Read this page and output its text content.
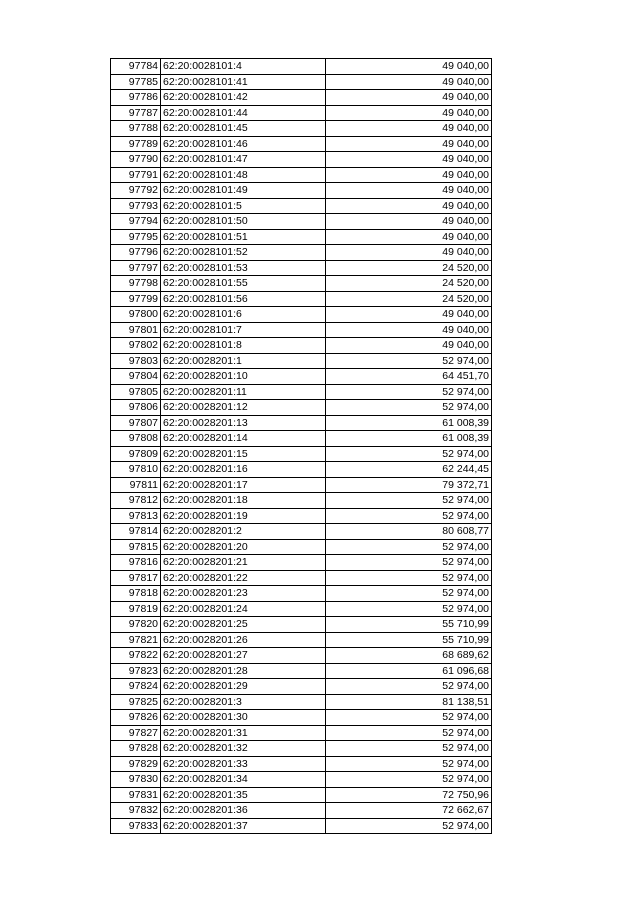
97784	62:20:0028101:4	49 040,00
97785	62:20:0028101:41	49 040,00
97786	62:20:0028101:42	49 040,00
97787	62:20:0028101:44	49 040,00
97788	62:20:0028101:45	49 040,00
97789	62:20:0028101:46	49 040,00
97790	62:20:0028101:47	49 040,00
97791	62:20:0028101:48	49 040,00
97792	62:20:0028101:49	49 040,00
97793	62:20:0028101:5	49 040,00
97794	62:20:0028101:50	49 040,00
97795	62:20:0028101:51	49 040,00
97796	62:20:0028101:52	49 040,00
97797	62:20:0028101:53	24 520,00
97798	62:20:0028101:55	24 520,00
97799	62:20:0028101:56	24 520,00
97800	62:20:0028101:6	49 040,00
97801	62:20:0028101:7	49 040,00
97802	62:20:0028101:8	49 040,00
97803	62:20:0028201:1	52 974,00
97804	62:20:0028201:10	64 451,70
97805	62:20:0028201:11	52 974,00
97806	62:20:0028201:12	52 974,00
97807	62:20:0028201:13	61 008,39
97808	62:20:0028201:14	61 008,39
97809	62:20:0028201:15	52 974,00
97810	62:20:0028201:16	62 244,45
97811	62:20:0028201:17	79 372,71
97812	62:20:0028201:18	52 974,00
97813	62:20:0028201:19	52 974,00
97814	62:20:0028201:2	80 608,77
97815	62:20:0028201:20	52 974,00
97816	62:20:0028201:21	52 974,00
97817	62:20:0028201:22	52 974,00
97818	62:20:0028201:23	52 974,00
97819	62:20:0028201:24	52 974,00
97820	62:20:0028201:25	55 710,99
97821	62:20:0028201:26	55 710,99
97822	62:20:0028201:27	68 689,62
97823	62:20:0028201:28	61 096,68
97824	62:20:0028201:29	52 974,00
97825	62:20:0028201:3	81 138,51
97826	62:20:0028201:30	52 974,00
97827	62:20:0028201:31	52 974,00
97828	62:20:0028201:32	52 974,00
97829	62:20:0028201:33	52 974,00
97830	62:20:0028201:34	52 974,00
97831	62:20:0028201:35	72 750,96
97832	62:20:0028201:36	72 662,67
97833	62:20:0028201:37	52 974,00
